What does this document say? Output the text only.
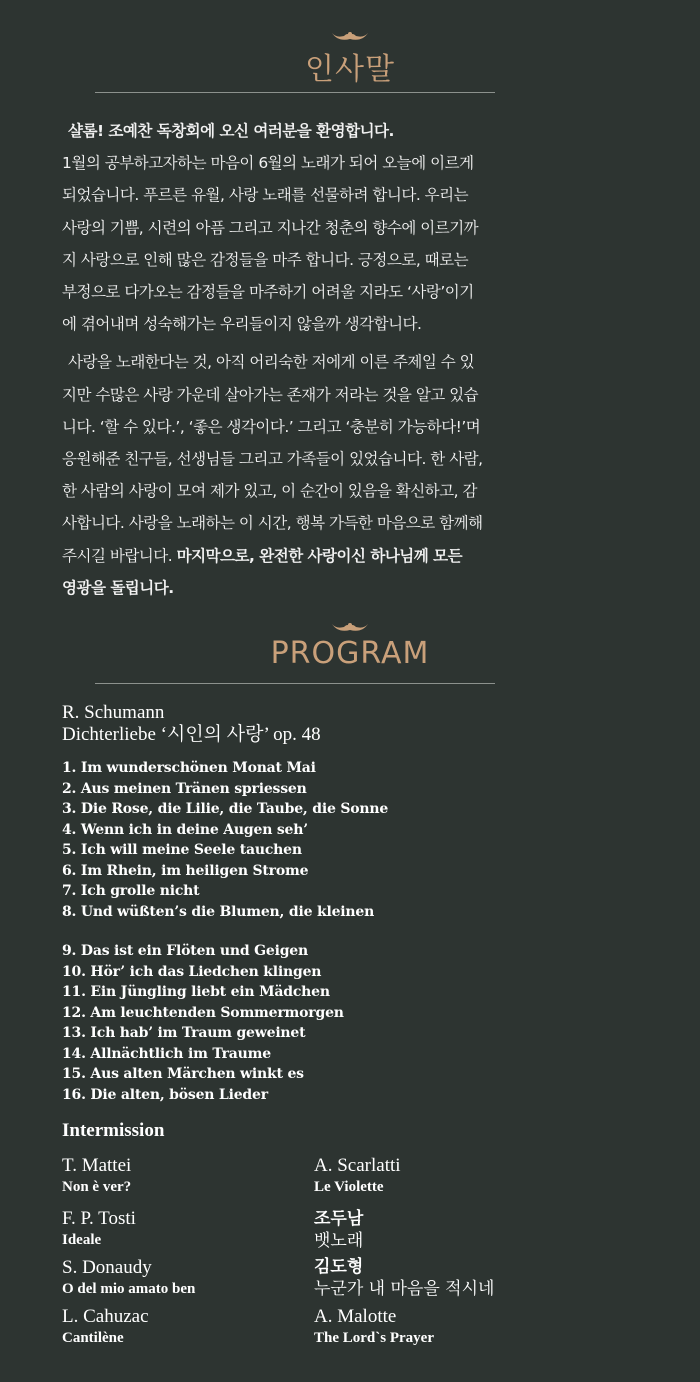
인사말

샬롬! 조예찬 독창회에 오신 여러분을 환영합니다.

1월의 공부하고자하는 마음이 6월의 노래가 되어 오늘에 이르게

되었습니다. 푸르른 유월, 사랑 노래를 선물하려 합니다. 우리는

사랑의 기쁨, 시련의 아픔 그리고 지나간 청춘의 향수에 이르기까

지 사랑으로 인해 많은 감정들을 마주 합니다. 긍정으로, 때로는

부정으로 다가오는 감정들을 마주하기 어려울 지라도 ‘사랑’이기

에 겪어내며 성숙해가는 우리들이지 않을까 생각합니다.

사랑을 노래한다는 것, 아직 어리숙한 저에게 이른 주제일 수 있

지만 수많은 사랑 가운데 살아가는 존재가 저라는 것을 알고 있습

니다. ‘할 수 있다.’, ‘좋은 생각이다.’ 그리고 ‘충분히 가능하다!’며

응원해준 친구들, 선생님들 그리고 가족들이 있었습니다. 한 사람,

한 사람의 사랑이 모여 제가 있고, 이 순간이 있음을 확신하고, 감

사합니다. 사랑을 노래하는 이 시간, 행복 가득한 마음으로 함께해

주시길 바랍니다. 마지막으로, 완전한 사랑이신 하나님께 모든

영광을 돌립니다.

PROGRAM
R. Schumann
Dichterliebe ‘시인의 사랑’ op. 48
1. Im wunderschönen Monat Mai
2. Aus meinen Tränen spriessen
3. Die Rose, die Lilie, die Taube, die Sonne
4. Wenn ich in deine Augen seh’
5. Ich will meine Seele tauchen
6. Im Rhein, im heiligen Strome
7. Ich grolle nicht
8. Und wüßten’s die Blumen, die kleinen
9. Das ist ein Flöten und Geigen
10. Hör’ ich das Liedchen klingen
11. Ein Jüngling liebt ein Mädchen
12. Am leuchtenden Sommermorgen
13. Ich hab’ im Traum geweinet
14. Allnächtlich im Traume
15. Aus alten Märchen winkt es
16. Die alten, bösen Lieder
Intermission
T. Mattei
Non è ver?
F. P. Tosti
Ideale
S. Donaudy
O del mio amato ben
L. Cahuzac
Cantilène
A. Scarlatti
Le Violette
조두남
뱃노래
김도형
누군가 내 마음을 적시네
A. Malotte
The Lord`s Prayer
